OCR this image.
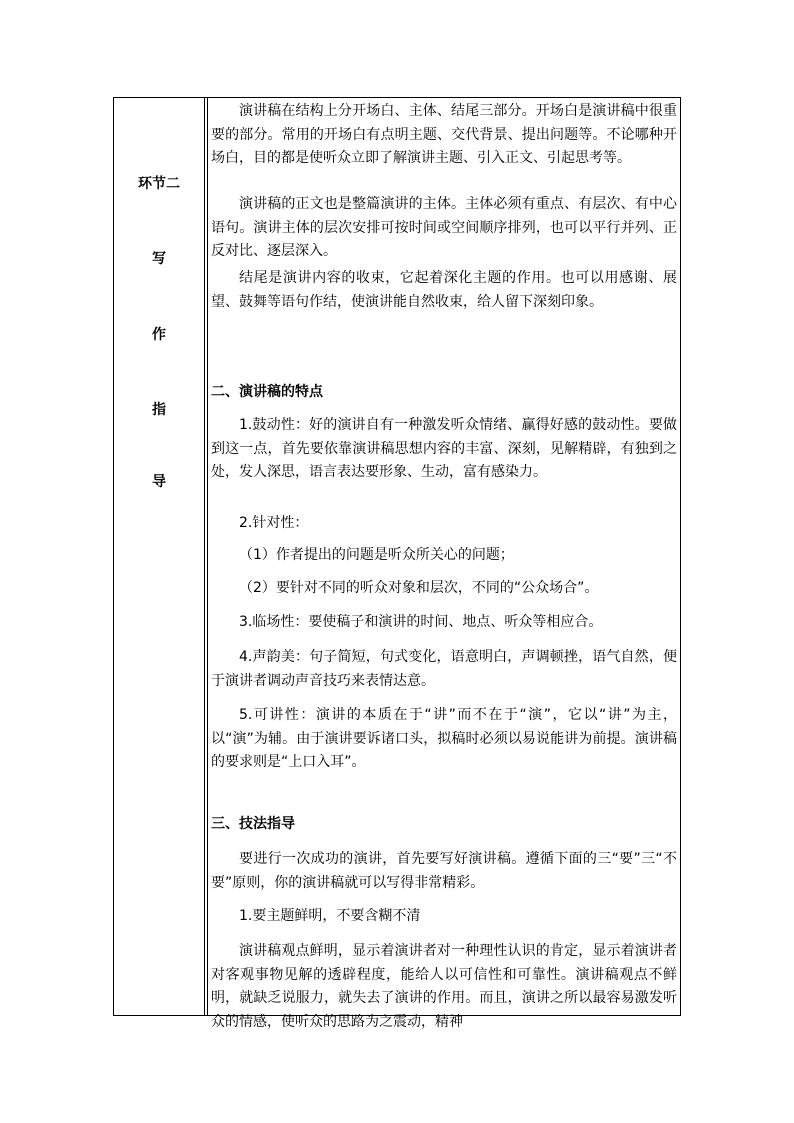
环节二
写
作
指
导
演讲稿在结构上分开场白、主体、结尾三部分。开场白是演讲稿中很重要的部分。常用的开场白有点明主题、交代背景、提出问题等。不论哪种开场白，目的都是使听众立即了解演讲主题、引入正文、引起思考等。
演讲稿的正文也是整篇演讲的主体。主体必须有重点、有层次、有中心语句。演讲主体的层次安排可按时间或空间顺序排列，也可以平行并列、正反对比、逐层深入。
结尾是演讲内容的收束，它起着深化主题的作用。也可以用感谢、展望、鼓舞等语句作结，使演讲能自然收束，给人留下深刻印象。
二、演讲稿的特点
1.鼓动性：好的演讲自有一种激发听众情绪、赢得好感的鼓动性。要做到这一点，首先要依靠演讲稿思想内容的丰富、深刻，见解精辟，有独到之处，发人深思，语言表达要形象、生动，富有感染力。
2.针对性：
（1）作者提出的问题是听众所关心的问题；
（2）要针对不同的听众对象和层次，不同的“公众场合”。
3.临场性：要使稿子和演讲的时间、地点、听众等相应合。
4.声韵美：句子简短，句式变化，语意明白，声调顿挫，语气自然，便于演讲者调动声音技巧来表情达意。
5.可讲性：演讲的本质在于“讲”而不在于“演”，它以“讲”为主，以“演”为辅。由于演讲要诉诸口头，拟稿时必须以易说能讲为前提。演讲稿的要求则是“上口入耳”。
三、技法指导
要进行一次成功的演讲，首先要写好演讲稿。遵循下面的三“要”三“不要”原则，你的演讲稿就可以写得非常精彩。
1.要主题鲜明，不要含糊不清
演讲稿观点鲜明，显示着演讲者对一种理性认识的肯定，显示着演讲者对客观事物见解的透辟程度，能给人以可信性和可靠性。演讲稿观点不鲜明，就缺乏说服力，就失去了演讲的作用。而且，演讲之所以最容易激发听众的情感，使听众的思路为之震动，精神
